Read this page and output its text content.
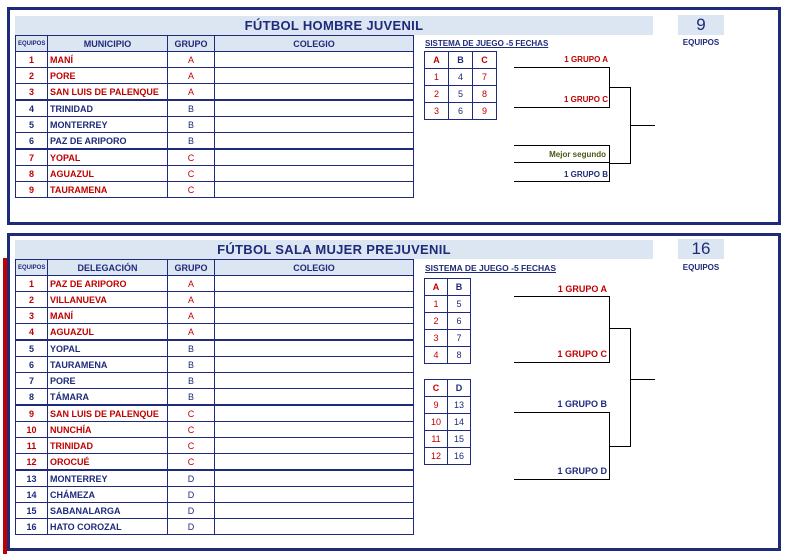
FÚTBOL HOMBRE JUVENIL	9
EQUIPOS
EQUIPOS	MUNICIPIO	GRUPO	COLEGIO
1	MANÍ	A	
2	PORE	A	
3	SAN LUIS DE PALENQUE	A	
4	TRINIDAD	B	
5	MONTERREY	B	
6	PAZ DE ARIPORO	B	
7	YOPAL	C	
8	AGUAZUL	C	
9	TAURAMENA	C	
SISTEMA DE JUEGO -5 FECHAS
A	B	C
1	4	7
2	5	8
3	6	9
1 GRUPO A
1 GRUPO C
Mejor segundo
1 GRUPO B
FÚTBOL SALA MUJER PREJUVENIL	16
EQUIPOS
EQUIPOS	DELEGACIÓN	GRUPO	COLEGIO
1	PAZ DE ARIPORO	A	
2	VILLANUEVA	A	
3	MANÍ	A	
4	AGUAZUL	A	
5	YOPAL	B	
6	TAURAMENA	B	
7	PORE	B	
8	TÁMARA	B	
9	SAN LUIS DE PALENQUE	C	
10	NUNCHÍA	C	
11	TRINIDAD	C	
12	OROCUÉ	C	
13	MONTERREY	D	
14	CHÁMEZA	D	
15	SABANALARGA	D	
16	HATO COROZAL	D	
SISTEMA DE JUEGO -5 FECHAS
A	B
1	5
2	6
3	7
4	8
C	D
9	13
10	14
11	15
12	16
1 GRUPO A
1 GRUPO C
1 GRUPO B
1 GRUPO D
